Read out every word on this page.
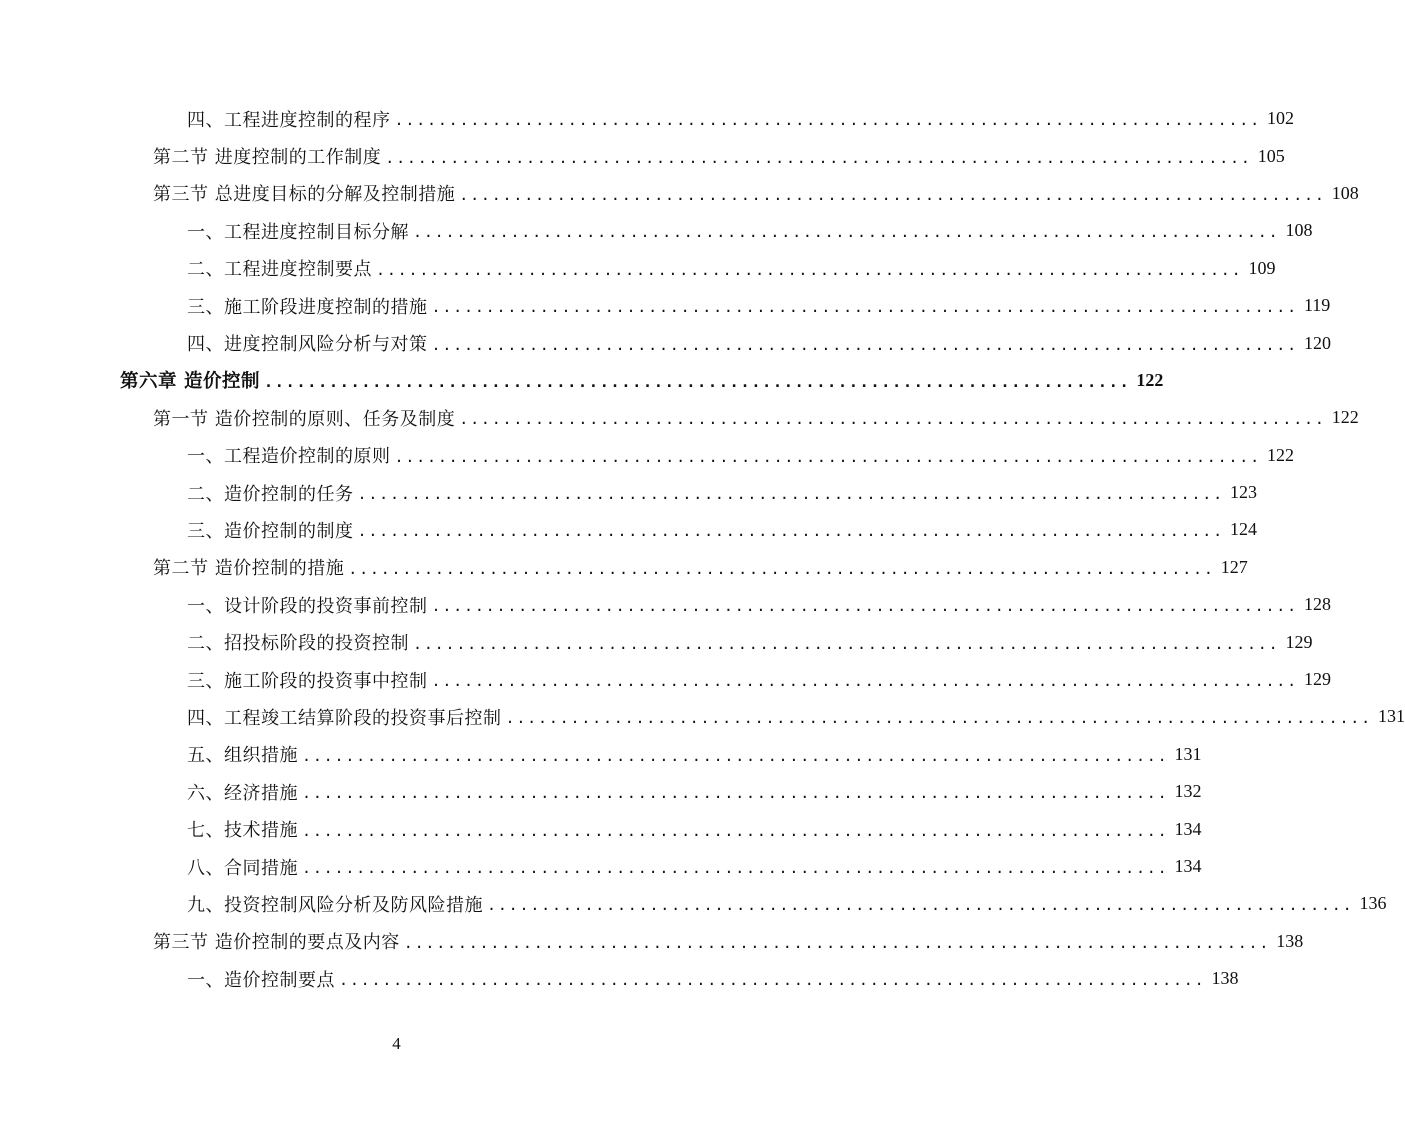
四、工程进度控制的程序 ................................................................................ 102
第二节 进度控制的工作制度 ................................................................................ 105
第三节 总进度目标的分解及控制措施 ................................................................................ 108
一、工程进度控制目标分解 ................................................................................ 108
二、工程进度控制要点 ................................................................................ 109
三、施工阶段进度控制的措施 ................................................................................ 119
四、进度控制风险分析与对策 ................................................................................ 120
第六章 造价控制 ................................................................................ 122
第一节 造价控制的原则、任务及制度 ................................................................................ 122
一、工程造价控制的原则 ................................................................................ 122
二、造价控制的任务 ................................................................................ 123
三、造价控制的制度 ................................................................................ 124
第二节 造价控制的措施 ................................................................................ 127
一、设计阶段的投资事前控制 ................................................................................ 128
二、招投标阶段的投资控制 ................................................................................ 129
三、施工阶段的投资事中控制 ................................................................................ 129
四、工程竣工结算阶段的投资事后控制 ................................................................................ 131
五、组织措施 ................................................................................ 131
六、经济措施 ................................................................................ 132
七、技术措施 ................................................................................ 134
八、合同措施 ................................................................................ 134
九、投资控制风险分析及防风险措施 ................................................................................ 136
第三节 造价控制的要点及内容 ................................................................................ 138
一、造价控制要点 ................................................................................ 138
4
